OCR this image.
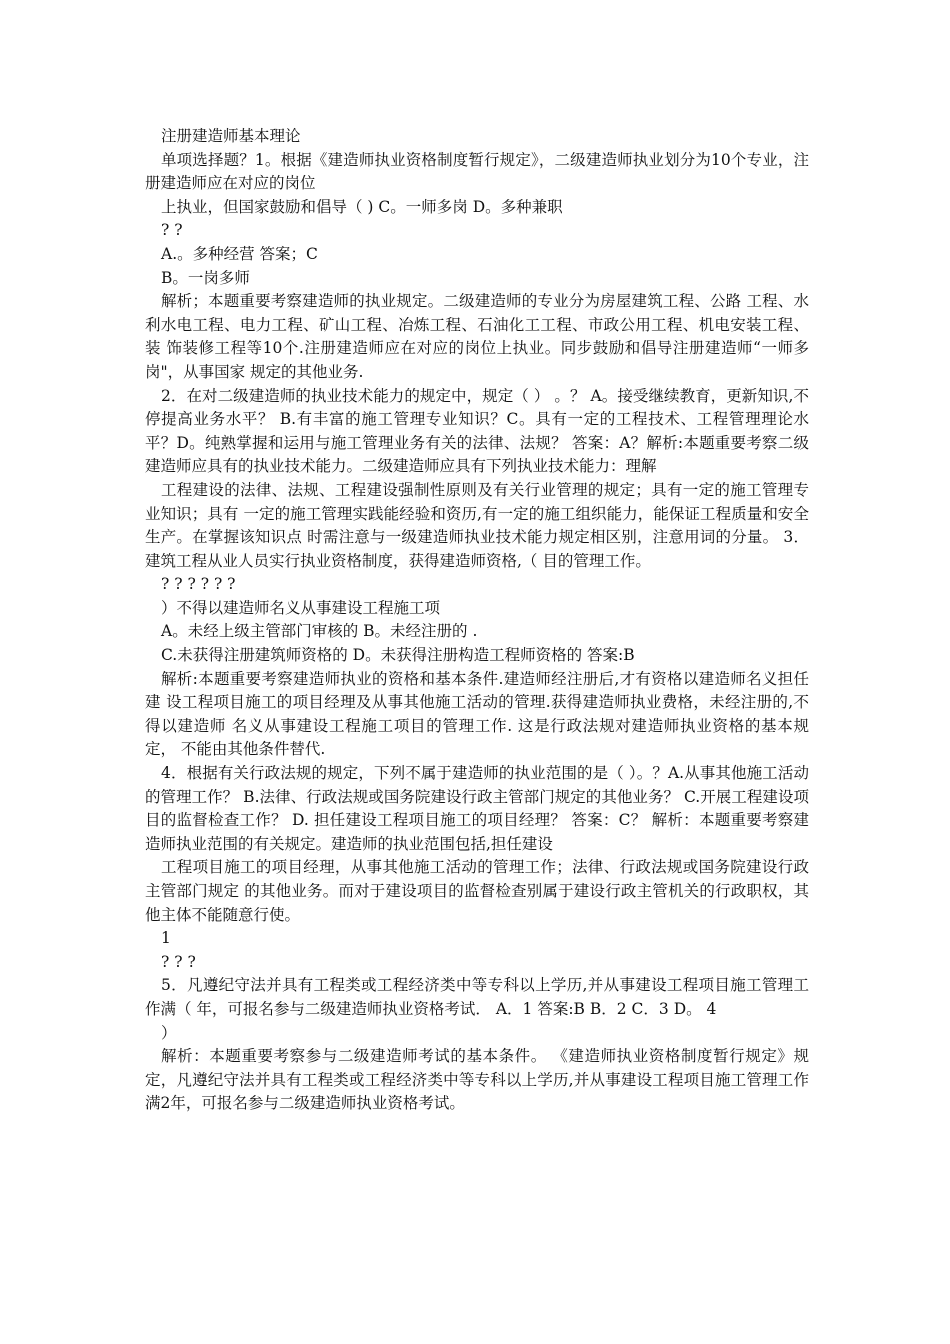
注册建造师基本理论

单项选择题？1。根据《建造师执业资格制度暂行规定》，二级建造师执业划分为10个专业，注册建造师应在对应的岗位

上执业，但国家鼓励和倡导（ ) C。一师多岗 D。多种兼职

? ?

A.。多种经营 答案；C

B。一岗多师

解析；本题重要考察建造师的执业规定。二级建造师的专业分为房屋建筑工程、公路 工程、水利水电工程、电力工程、矿山工程、冶炼工程、石油化工工程、市政公用工程、机电安装工程、装 饰装修工程等10个.注册建造师应在对应的岗位上执业。同步鼓励和倡导注册建造师“一师多岗"，从事国家 规定的其他业务.

2．在对二级建造师的执业技术能力的规定中，规定（ ） 。？ A。接受继续教育，更新知识,不停提高业务水平？ B.有丰富的施工管理专业知识？C。具有一定的工程技术、工程管理理论水平？D。纯熟掌握和运用与施工管理业务有关的法律、法规？ 答案：A？解析:本题重要考察二级建造师应具有的执业技术能力。二级建造师应具有下列执业技术能力：理解

工程建设的法律、法规、工程建设强制性原则及有关行业管理的规定；具有一定的施工管理专业知识；具有 一定的施工管理实践能经验和资历,有一定的施工组织能力，能保证工程质量和安全生产。在掌握该知识点 时需注意与一级建造师执业技术能力规定相区别，注意用词的分量。 3．建筑工程从业人员实行执业资格制度，获得建造师资格,（ 目的管理工作。

? ? ? ? ? ?

）不得以建造师名义从事建设工程施工项

A。未经上级主管部门审核的 B。未经注册的 .

C.未获得注册建筑师资格的 D。未获得注册构造工程师资格的 答案:B

解析:本题重要考察建造师执业的资格和基本条件.建造师经注册后,才有资格以建造师名义担任建 设工程项目施工的项目经理及从事其他施工活动的管理.获得建造师执业费格，未经注册的,不得以建造师 名义从事建设工程施工项目的管理工作. 这是行政法规对建造师执业资格的基本规定， 不能由其他条件替代.

4．根据有关行政法规的规定，下列不属于建造师的执业范围的是（ ）。？A.从事其他施工活动的管理工作？ B.法律、行政法规或国务院建设行政主管部门规定的其他业务？ C.开展工程建设项目的监督检查工作？ D. 担任建设工程项目施工的项目经理？ 答案：C？ 解析：本题重要考察建造师执业范围的有关规定。建造师的执业范围包括,担任建设

工程项目施工的项目经理，从事其他施工活动的管理工作；法律、行政法规或国务院建设行政主管部门规定 的其他业务。而对于建设项目的监督检查别属于建设行政主管机关的行政职权，其他主体不能随意行使。

1

? ? ?

5．凡遵纪守法并具有工程类或工程经济类中等专科以上学历,并从事建设工程项目施工管理工作满（ 年，可报名参与二级建造师执业资格考试． A．1 答案:B B．2 C．3 D。 4

）

解析：本题重要考察参与二级建造师考试的基本条件。 《建造师执业资格制度暂行规定》规定，凡遵纪守法并具有工程类或工程经济类中等专科以上学历,并从事建设工程项目施工管理工作 满2年，可报名参与二级建造师执业资格考试。
